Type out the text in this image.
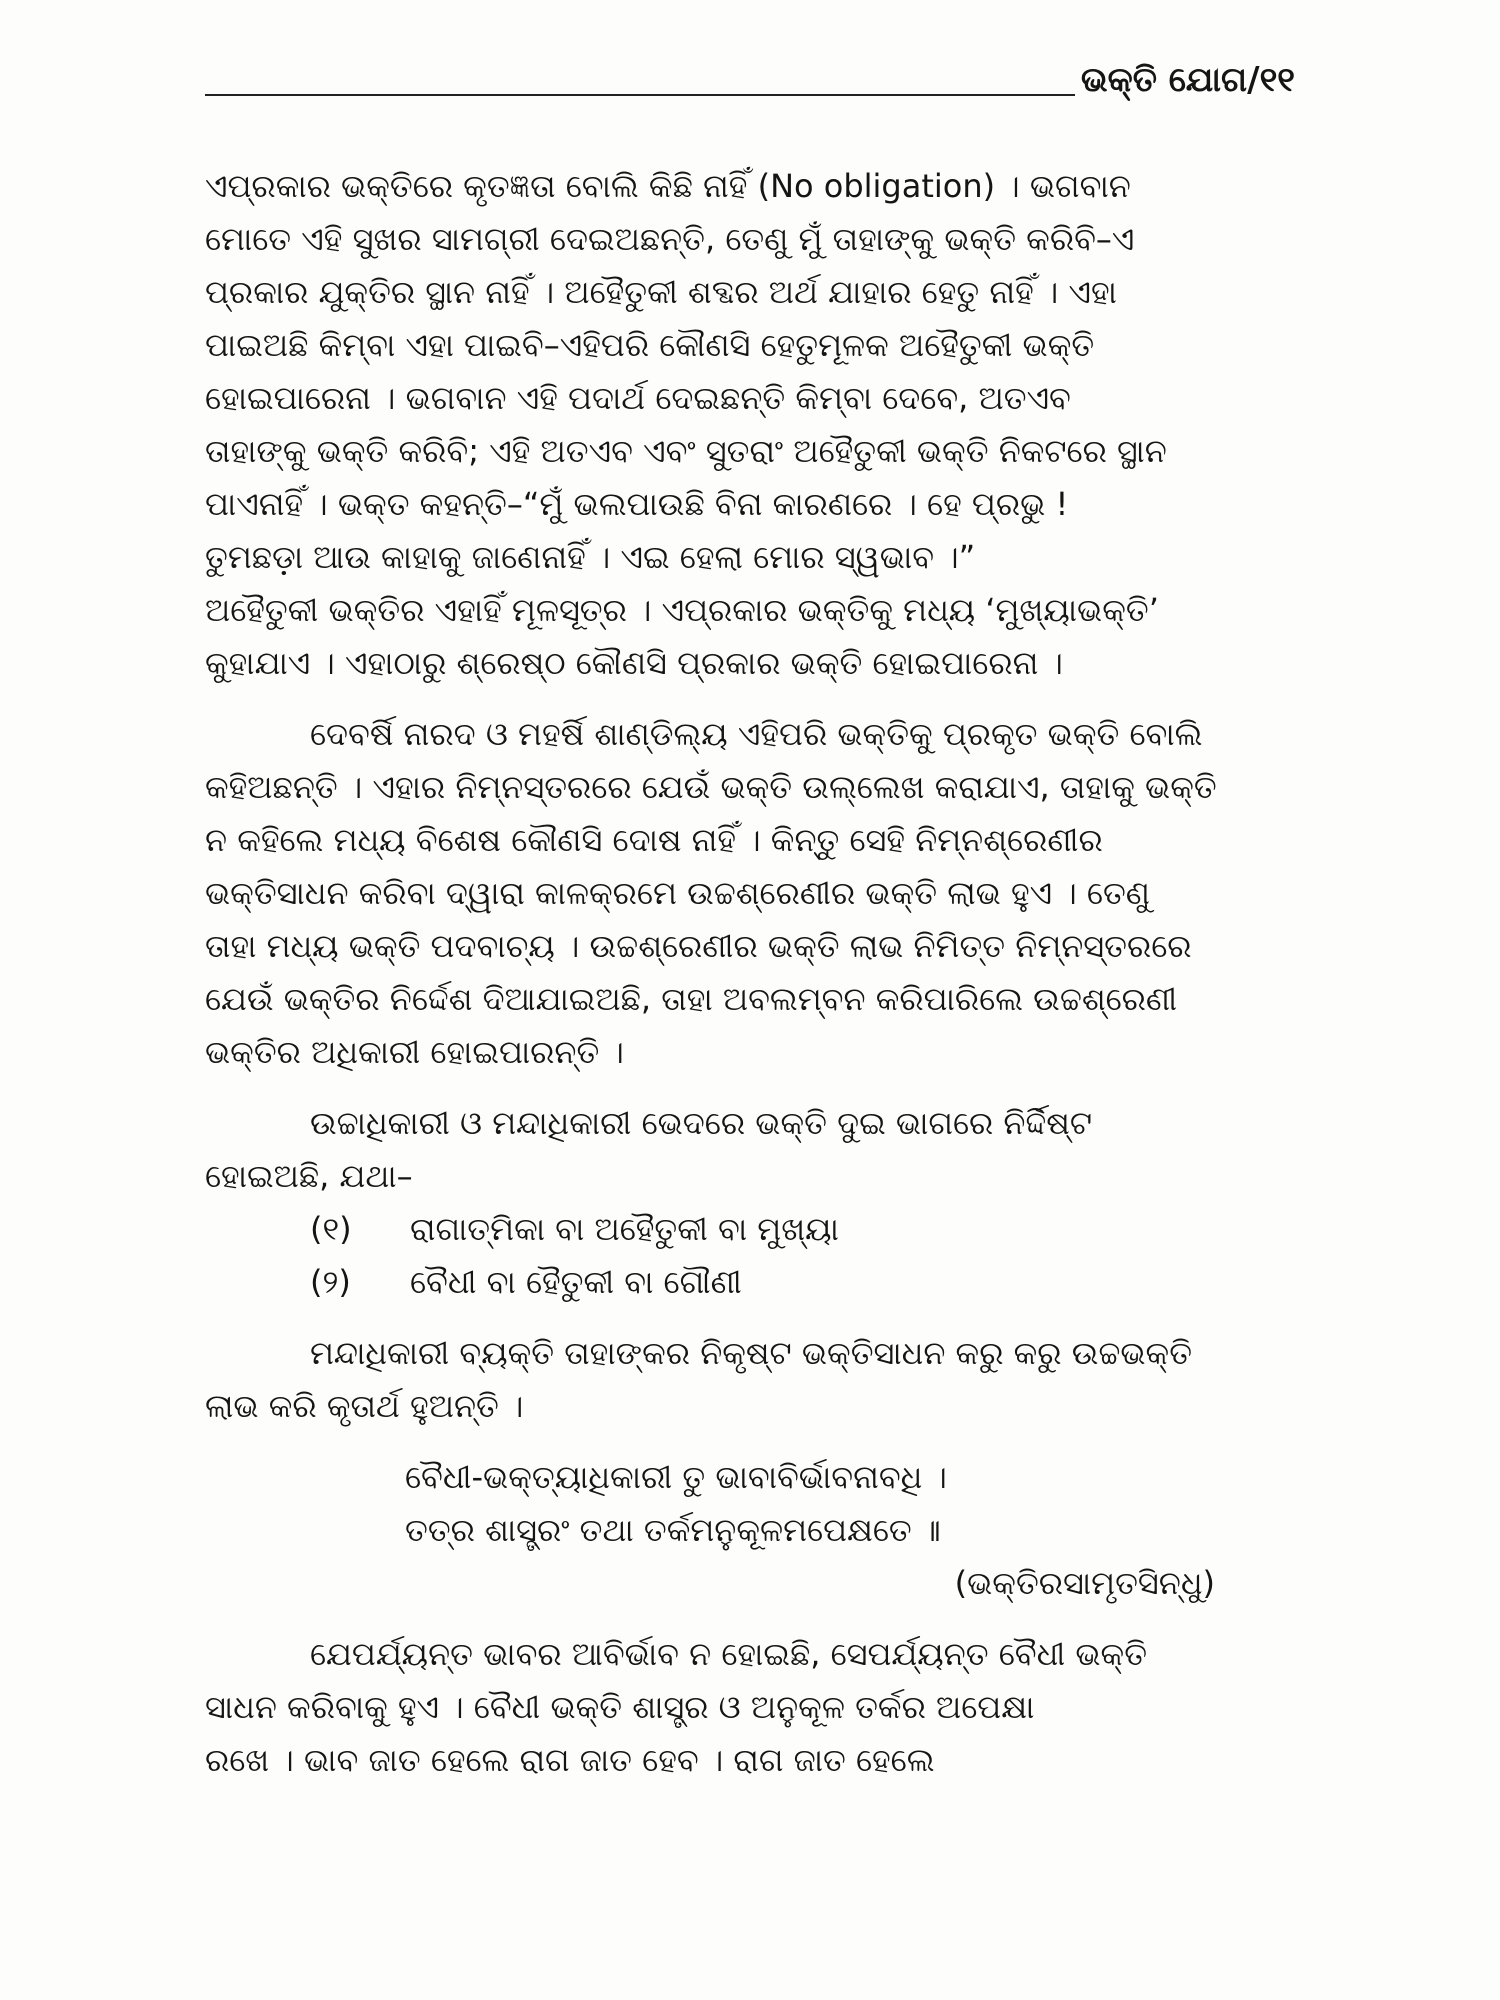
ଭକ୍ତି ଯୋଗ/୧୧
ଏପ୍ରକାର ଭକ୍ତିରେ କୃତଜ୍ଞତା ବୋଲି କିଛି ନାହିଁ (No obligation) । ଭଗବାନ
ମୋତେ ଏହି ସୁଖର ସାମଗ୍ରୀ ଦେଇଅଛନ୍ତି, ତେଣୁ ମୁଁ ତାହାଙ୍କୁ ଭକ୍ତି କରିବି–ଏ
ପ୍ରକାର ଯୁକ୍ତିର ସ୍ଥାନ ନାହିଁ । ଅହୈତୁକୀ ଶବ୍ଦର ଅର୍ଥ ଯାହାର ହେତୁ ନାହିଁ । ଏହା
ପାଇଅଛି କିମ୍ବା ଏହା ପାଇବି–ଏହିପରି କୌଣସି ହେତୁମୂଳକ ଅହୈତୁକୀ ଭକ୍ତି
ହୋଇପାରେନା । ଭଗବାନ ଏହି ପଦାର୍ଥ ଦେଇଛନ୍ତି କିମ୍ବା ଦେବେ, ଅତଏବ
ତାହାଙ୍କୁ ଭକ୍ତି କରିବି; ଏହି ଅତଏବ ଏବଂ ସୁତରାଂ ଅହୈତୁକୀ ଭକ୍ତି ନିକଟରେ ସ୍ଥାନ
ପାଏନାହିଁ । ଭକ୍ତ କହନ୍ତି–“ମୁଁ ଭଲପାଉଛି ବିନା କାରଣରେ । ହେ ପ୍ରଭୁ !
ତୁମଛଡ଼ା ଆଉ କାହାକୁ ଜାଣେନାହିଁ । ଏଇ ହେଲା ମୋର ସ୍ୱଭାବ ।”
ଅହୈତୁକୀ ଭକ୍ତିର ଏହାହିଁ ମୂଳସୂତ୍ର । ଏପ୍ରକାର ଭକ୍ତିକୁ ମଧ୍ୟ ‘ମୁଖ୍ୟାଭକ୍ତି’
କୁହାଯାଏ । ଏହାଠାରୁ ଶ୍ରେଷ୍ଠ କୌଣସି ପ୍ରକାର ଭକ୍ତି ହୋଇପାରେନା ।
ଦେବର୍ଷି ନାରଦ ଓ ମହର୍ଷି ଶାଣ୍ଡିଲ୍ୟ ଏହିପରି ଭକ୍ତିକୁ ପ୍ରକୃତ ଭକ୍ତି ବୋଲି
କହିଅଛନ୍ତି । ଏହାର ନିମ୍ନସ୍ତରରେ ଯେଉଁ ଭକ୍ତି ଉଲ୍ଲେଖ କରାଯାଏ, ତାହାକୁ ଭକ୍ତି
ନ କହିଲେ ମଧ୍ୟ ବିଶେଷ କୌଣସି ଦୋଷ ନାହିଁ । କିନ୍ତୁ ସେହି ନିମ୍ନଶ୍ରେଣୀର
ଭକ୍ତିସାଧନ କରିବା ଦ୍ୱାରା କାଳକ୍ରମେ ଉଚ୍ଚଶ୍ରେଣୀର ଭକ୍ତି ଲାଭ ହୁଏ । ତେଣୁ
ତାହା ମଧ୍ୟ ଭକ୍ତି ପଦବାଚ୍ୟ । ଉଚ୍ଚଶ୍ରେଣୀର ଭକ୍ତି ଲାଭ ନିମିତ୍ତ ନିମ୍ନସ୍ତରରେ
ଯେଉଁ ଭକ୍ତିର ନିର୍ଦ୍ଦେଶ ଦିଆଯାଇଅଛି, ତାହା ଅବଲମ୍ବନ କରିପାରିଲେ ଉଚ୍ଚଶ୍ରେଣୀ
ଭକ୍ତିର ଅଧିକାରୀ ହୋଇପାରନ୍ତି ।
ଉଚ୍ଚାଧିକାରୀ ଓ ମନ୍ଦାଧିକାରୀ ଭେଦରେ ଭକ୍ତି ଦୁଇ ଭାଗରେ ନିର୍ଦ୍ଦିଷ୍ଟ
ହୋଇଅଛି, ଯଥା–
(୧)	ରାଗାତ୍ମିକା ବା ଅହୈତୁକୀ ବା ମୁଖ୍ୟା
(୨)	ବୈଧୀ ବା ହୈତୁକୀ ବା ଗୌଣୀ
ମନ୍ଦାଧିକାରୀ ବ୍ୟକ୍ତି ତାହାଙ୍କର ନିକୃଷ୍ଟ ଭକ୍ତିସାଧନ କରୁ କରୁ ଉଚ୍ଚଭକ୍ତି
ଲାଭ କରି କୃତାର୍ଥ ହୁଅନ୍ତି ।
ବୈଧୀ-ଭକ୍ତ୍ୟାଧିକାରୀ ତୁ ଭାବାବିର୍ଭାବନାବଧି ।
ତତ୍ର ଶାସ୍ତ୍ରଂ ତଥା ତର୍କମନୁକୂଳମପେକ୍ଷତେ ॥
(ଭକ୍ତିରସାମୃତସିନ୍ଧୁ)
ଯେପର୍ଯ୍ୟନ୍ତ ଭାବର ଆବିର୍ଭାବ ନ ହୋଇଛି, ସେପର୍ଯ୍ୟନ୍ତ ବୈଧୀ ଭକ୍ତି
ସାଧନ କରିବାକୁ ହୁଏ । ବୈଧୀ ଭକ୍ତି ଶାସ୍ତ୍ର ଓ ଅନୁକୂଳ ତର୍କର ଅପେକ୍ଷା
ରଖେ । ଭାବ ଜାତ ହେଲେ ରାଗ ଜାତ ହେବ । ରାଗ ଜାତ ହେଲେ
